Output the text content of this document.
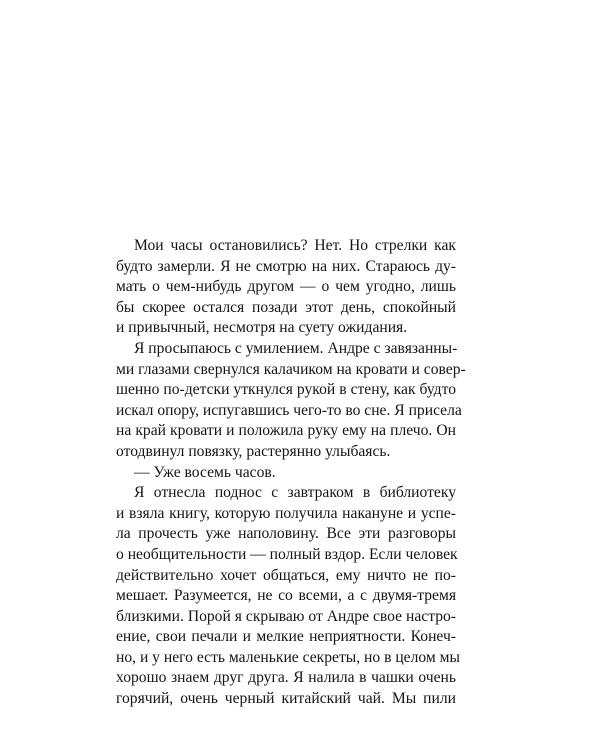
Мои часы остановились? Нет. Но стрелки как
будто замерли. Я не смотрю на них. Стараюсь ду-
мать о чем-нибудь другом — о чем угодно, лишь
бы скорее остался позади этот день, спокойный
и привычный, несмотря на суету ожидания.
Я просыпаюсь с умилением. Андре с завязанны-
ми глазами свернулся калачиком на кровати и совер-
шенно по-детски уткнулся рукой в стену, как будто
искал опору, испугавшись чего-то во сне. Я присела
на край кровати и положила руку ему на плечо. Он
отодвинул повязку, растерянно улыбаясь.
— Уже восемь часов.
Я отнесла поднос с завтраком в библиотеку
и взяла книгу, которую получила накануне и успе-
ла прочесть уже наполовину. Все эти разговоры
о необщительности — полный вздор. Если человек
действительно хочет общаться, ему ничто не по-
мешает. Разумеется, не со всеми, а с двумя-тремя
близкими. Порой я скрываю от Андре свое настро-
ение, свои печали и мелкие неприятности. Конеч-
но, и у него есть маленькие секреты, но в целом мы
хорошо знаем друг друга. Я налила в чашки очень
горячий, очень черный китайский чай. Мы пили
